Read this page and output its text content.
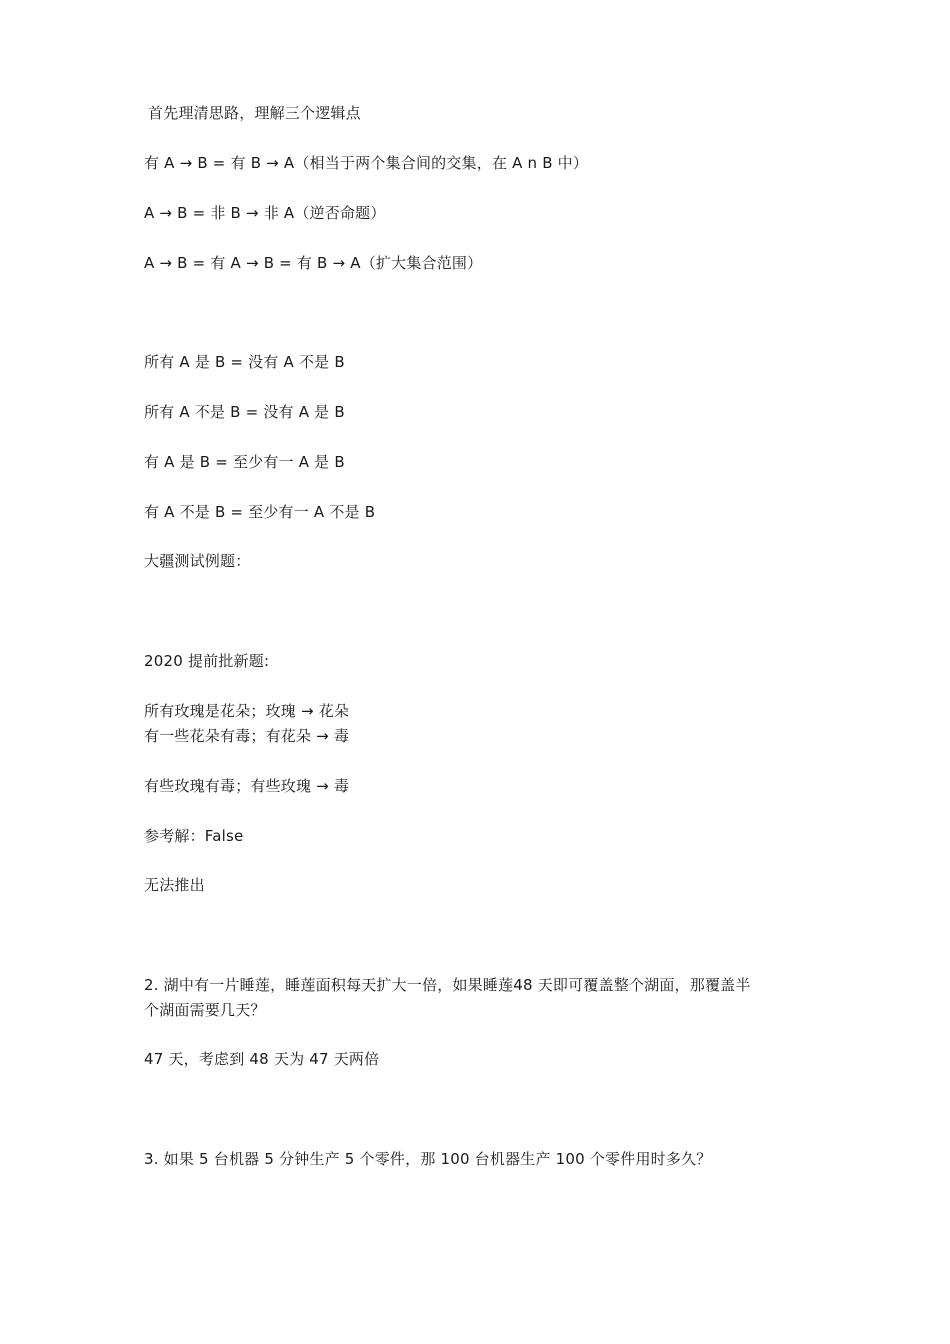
首先理清思路，理解三个逻辑点
有 A → B = 有 B → A（相当于两个集合间的交集，在 A n B 中）
A → B = 非 B → 非 A（逆否命题）
A → B = 有 A → B = 有 B → A（扩大集合范围）
所有 A 是 B = 没有 A 不是 B
所有 A 不是 B = 没有 A 是 B
有 A 是 B = 至少有一 A 是 B
有 A 不是 B = 至少有一 A 不是 B
大疆测试例题：
2020 提前批新题:
所有玫瑰是花朵；玫瑰 → 花朵
有一些花朵有毒；有花朵 → 毒
有些玫瑰有毒；有些玫瑰 → 毒
参考解：False
无法推出
2. 湖中有一片睡莲，睡莲面积每天扩大一倍，如果睡莲48 天即可覆盖整个湖面，那覆盖半
个湖面需要几天？
47 天，考虑到 48 天为 47 天两倍
3. 如果 5 台机器 5 分钟生产 5 个零件，那 100 台机器生产 100 个零件用时多久？
